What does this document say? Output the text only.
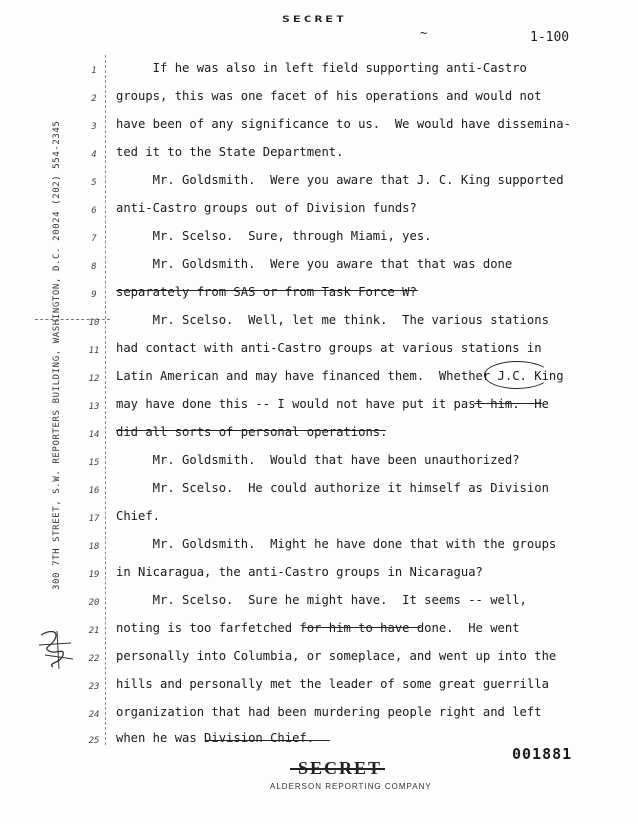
SECRET
~	1-100
300 7TH STREET, S.W. REPORTERS BUILDING, WASHINGTON, D.C. 20024 (202) 554-2345
1
2
3
4
5
6
7
8
9
10
11
12
13
14
15
16
17
18
19
20
21
22
23
24
25
If he was also in left field supporting anti-Castro
groups, this was one facet of his operations and would not
have been of any significance to us.  We would have dissemina-
ted it to the State Department.
Mr. Goldsmith.  Were you aware that J. C. King supported
anti-Castro groups out of Division funds?
Mr. Scelso.  Sure, through Miami, yes.
Mr. Goldsmith.  Were you aware that that was done
separately from SAS or from Task Force W?
Mr. Scelso.  Well, let me think.  The various stations
had contact with anti-Castro groups at various stations in
Latin American and may have financed them.  Whether J.C. King
may have done this -- I would not have put it past him.  He
did all sorts of personal operations.
Mr. Goldsmith.  Would that have been unauthorized?
Mr. Scelso.  He could authorize it himself as Division
Chief.
Mr. Goldsmith.  Might he have done that with the groups
in Nicaragua, the anti-Castro groups in Nicaragua?
Mr. Scelso.  Sure he might have.  It seems -- well,
noting is too farfetched for him to have done.  He went
personally into Columbia, or someplace, and went up into the
hills and personally met the leader of some great guerrilla
organization that had been murdering people right and left
when he was Division Chief.
001881
SECRET
ALDERSON REPORTING COMPANY
